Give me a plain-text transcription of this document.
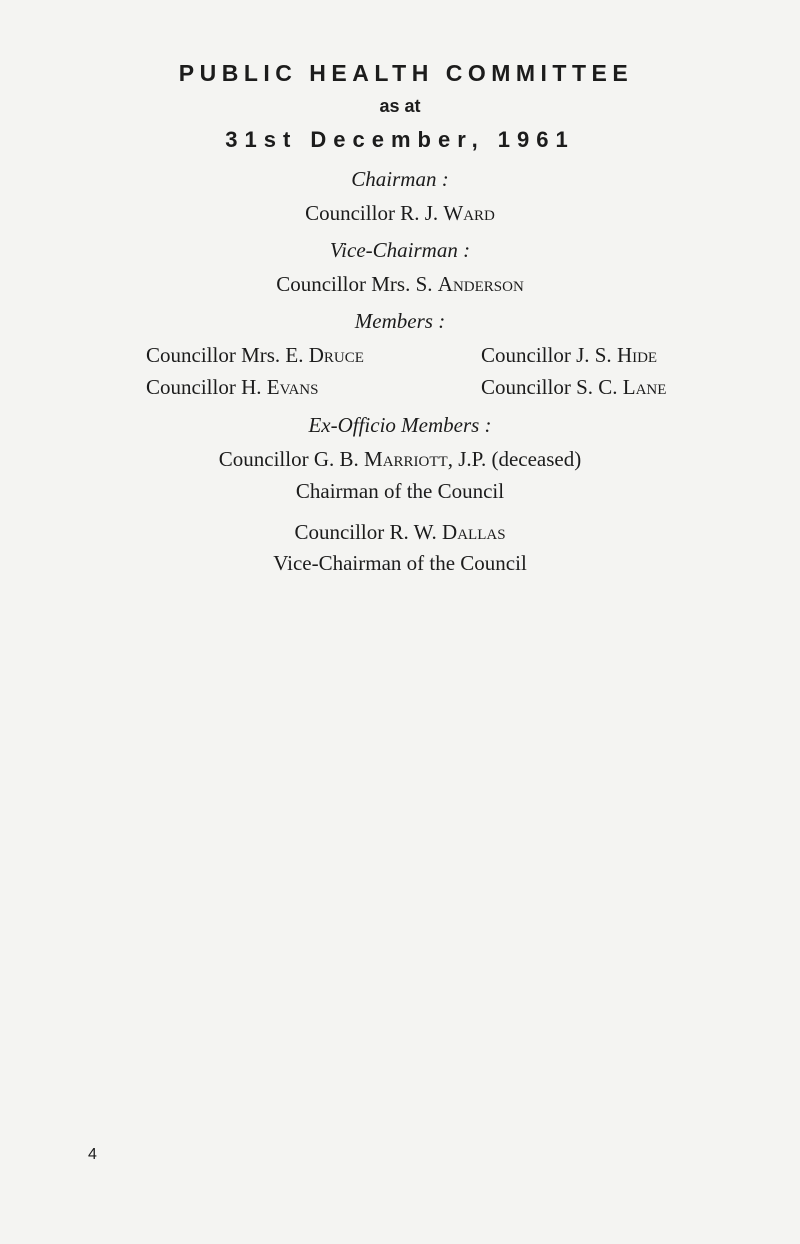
PUBLIC HEALTH COMMITTEE
as at
31st December, 1961
Chairman :
Councillor R. J. Ward
Vice-Chairman :
Councillor Mrs. S. Anderson
Members :
Councillor Mrs. E. Druce	Councillor J. S. Hide
Councillor H. Evans	Councillor S. C. Lane
Ex-Officio Members :
Councillor G. B. Marriott, J.P. (deceased)
Chairman of the Council
Councillor R. W. Dallas
Vice-Chairman of the Council
4
